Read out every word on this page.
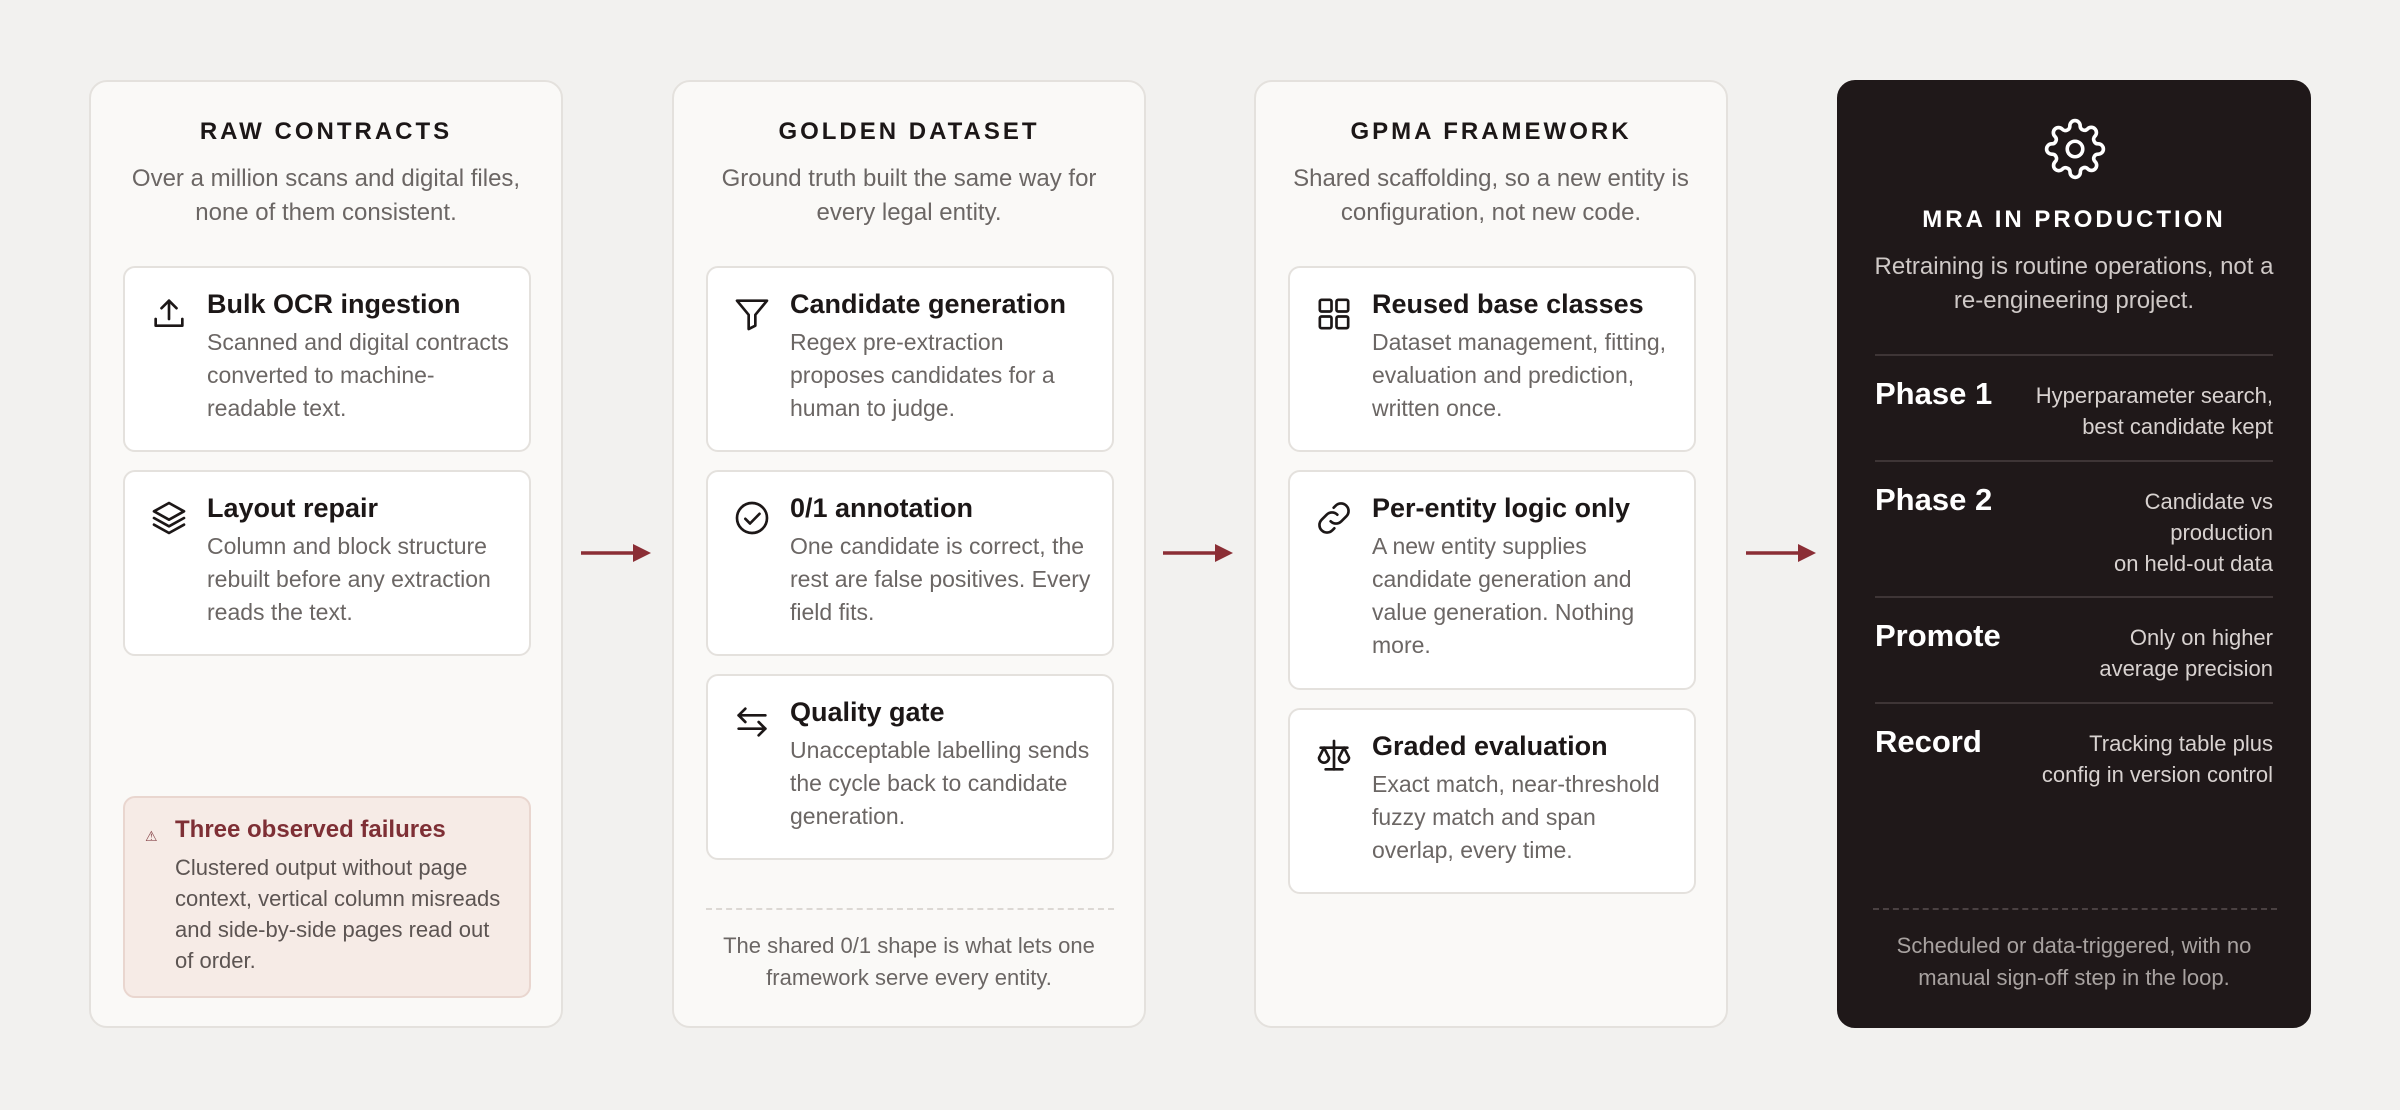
RAW CONTRACTS
Over a million scans and digital files, none of them consistent.
Bulk OCR ingestion
Scanned and digital contracts converted to machine-readable text.
Layout repair
Column and block structure rebuilt before any extraction reads the text.
⚠ Three observed failures
Clustered output without page context, vertical column misreads and side-by-side pages read out of order.
GOLDEN DATASET
Ground truth built the same way for every legal entity.
Candidate generation
Regex pre-extraction proposes candidates for a human to judge.
0/1 annotation
One candidate is correct, the rest are false positives. Every field fits.
Quality gate
Unacceptable labelling sends the cycle back to candidate generation.
The shared 0/1 shape is what lets one framework serve every entity.
GPMA FRAMEWORK
Shared scaffolding, so a new entity is configuration, not new code.
Reused base classes
Dataset management, fitting, evaluation and prediction, written once.
Per-entity logic only
A new entity supplies candidate generation and value generation. Nothing more.
Graded evaluation
Exact match, near-threshold fuzzy match and span overlap, every time.
MRA IN PRODUCTION
Retraining is routine operations, not a re-engineering project.
Phase 1	Hyperparameter search,
best candidate kept
Phase 2	Candidate vs
production
on held-out data
Promote	Only on higher
average precision
Record	Tracking table plus
config in version control
Scheduled or data-triggered, with no manual sign-off step in the loop.
